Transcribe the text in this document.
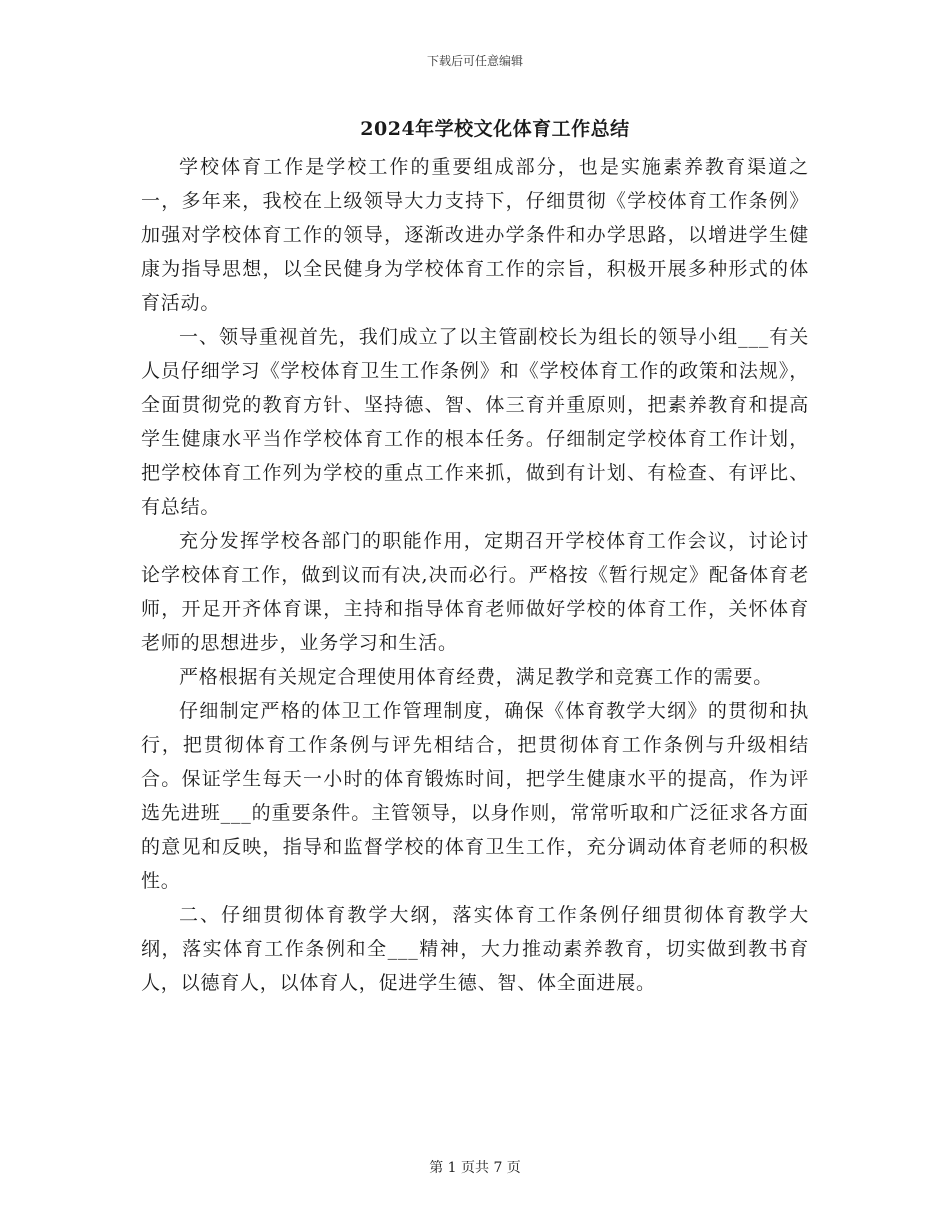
下载后可任意编辑
2024年学校文化体育工作总结

学校体育工作是学校工作的重要组成部分，也是实施素养教育渠道之一，多年来，我校在上级领导大力支持下，仔细贯彻《学校体育工作条例》加强对学校体育工作的领导，逐渐改进办学条件和办学思路，以增进学生健康为指导思想，以全民健身为学校体育工作的宗旨，积极开展多种形式的体育活动。

一、领导重视首先，我们成立了以主管副校长为组长的领导小组___有关人员仔细学习《学校体育卫生工作条例》和《学校体育工作的政策和法规》，全面贯彻党的教育方针、坚持德、智、体三育并重原则，把素养教育和提高学生健康水平当作学校体育工作的根本任务。仔细制定学校体育工作计划，把学校体育工作列为学校的重点工作来抓，做到有计划、有检查、有评比、有总结。

充分发挥学校各部门的职能作用，定期召开学校体育工作会议，讨论讨论学校体育工作，做到议而有决,决而必行。严格按《暂行规定》配备体育老师，开足开齐体育课，主持和指导体育老师做好学校的体育工作，关怀体育老师的思想进步，业务学习和生活。

严格根据有关规定合理使用体育经费，满足教学和竞赛工作的需要。

仔细制定严格的体卫工作管理制度，确保《体育教学大纲》的贯彻和执行，把贯彻体育工作条例与评先相结合，把贯彻体育工作条例与升级相结合。保证学生每天一小时的体育锻炼时间，把学生健康水平的提高，作为评选先进班___的重要条件。主管领导，以身作则，常常听取和广泛征求各方面的意见和反映，指导和监督学校的体育卫生工作，充分调动体育老师的积极性。

二、仔细贯彻体育教学大纲，落实体育工作条例仔细贯彻体育教学大纲，落实体育工作条例和全___精神，大力推动素养教育，切实做到教书育人，以德育人，以体育人，促进学生德、智、体全面进展。

第 1 页共 7 页
